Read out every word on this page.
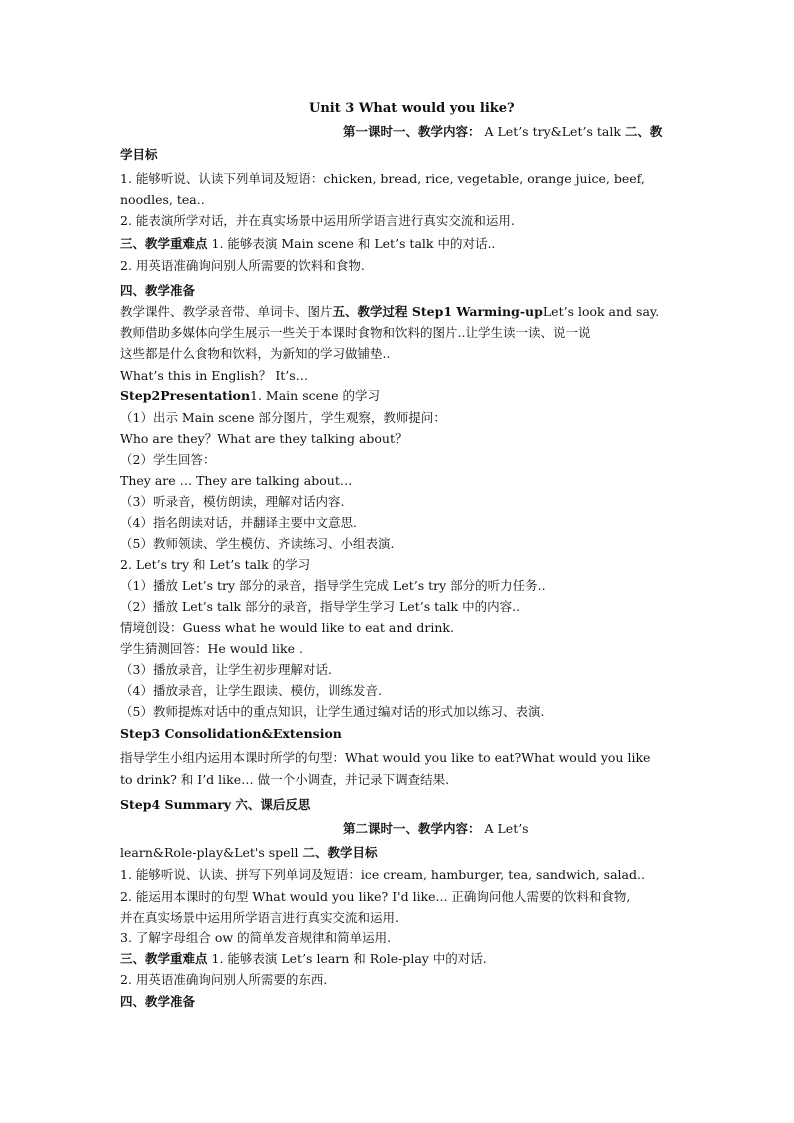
Unit 3 What would you like?
第一课时一、教学内容： A Let’s try&Let’s talk 二、教
学目标
1. 能够听说、认读下列单词及短语：chicken, bread, rice, vegetable, orange juice, beef,
noodles, tea..
2. 能表演所学对话，并在真实场景中运用所学语言进行真实交流和运用.
三、教学重难点 1. 能够表演 Main scene 和 Let’s talk 中的对话..
2. 用英语准确询问别人所需要的饮料和食物.
四、教学准备
教学课件、教学录音带、单词卡、图片五、教学过程 Step1 Warming-upLet’s look and say.
教师借助多媒体向学生展示一些关于本课时食物和饮料的图片..让学生读一读、说一说
这些都是什么食物和饮料，为新知的学习做铺垫..
What’s this in English？ It’s…
Step2Presentation1. Main scene 的学习
（1）出示 Main scene 部分图片，学生观察，教师提问：
Who are they？What are they talking about？
（2）学生回答：
They are … They are talking about…
（3）听录音，模仿朗读，理解对话内容.
（4）指名朗读对话，并翻译主要中文意思.
（5）教师领读、学生模仿、齐读练习、小组表演.
2. Let’s try 和 Let’s talk 的学习
（1）播放 Let’s try 部分的录音，指导学生完成 Let’s try 部分的听力任务..
（2）播放 Let’s talk 部分的录音，指导学生学习 Let’s talk 中的内容..
情境创设：Guess what he would like to eat and drink.
学生猜测回答：He would like .
（3）播放录音，让学生初步理解对话.
（4）播放录音，让学生跟读、模仿，训练发音.
（5）教师提炼对话中的重点知识，让学生通过编对话的形式加以练习、表演.
Step3 Consolidation&Extension
指导学生小组内运用本课时所学的句型：What would you like to eat?What would you like
to drink? 和 I’d like… 做一个小调查，并记录下调查结果.
Step4 Summary 六、课后反思
第二课时一、教学内容： A Let’s
learn&Role-play&Let's spell 二、教学目标
1. 能够听说、认读、拼写下列单词及短语：ice cream, hamburger, tea, sandwich, salad..
2. 能运用本课时的句型 What would you like? I'd like... 正确询问他人需要的饮料和食物,
并在真实场景中运用所学语言进行真实交流和运用.
3. 了解字母组合 ow 的简单发音规律和简单运用.
三、教学重难点 1. 能够表演 Let’s learn 和 Role-play 中的对话.
2. 用英语准确询问别人所需要的东西.
四、教学准备
